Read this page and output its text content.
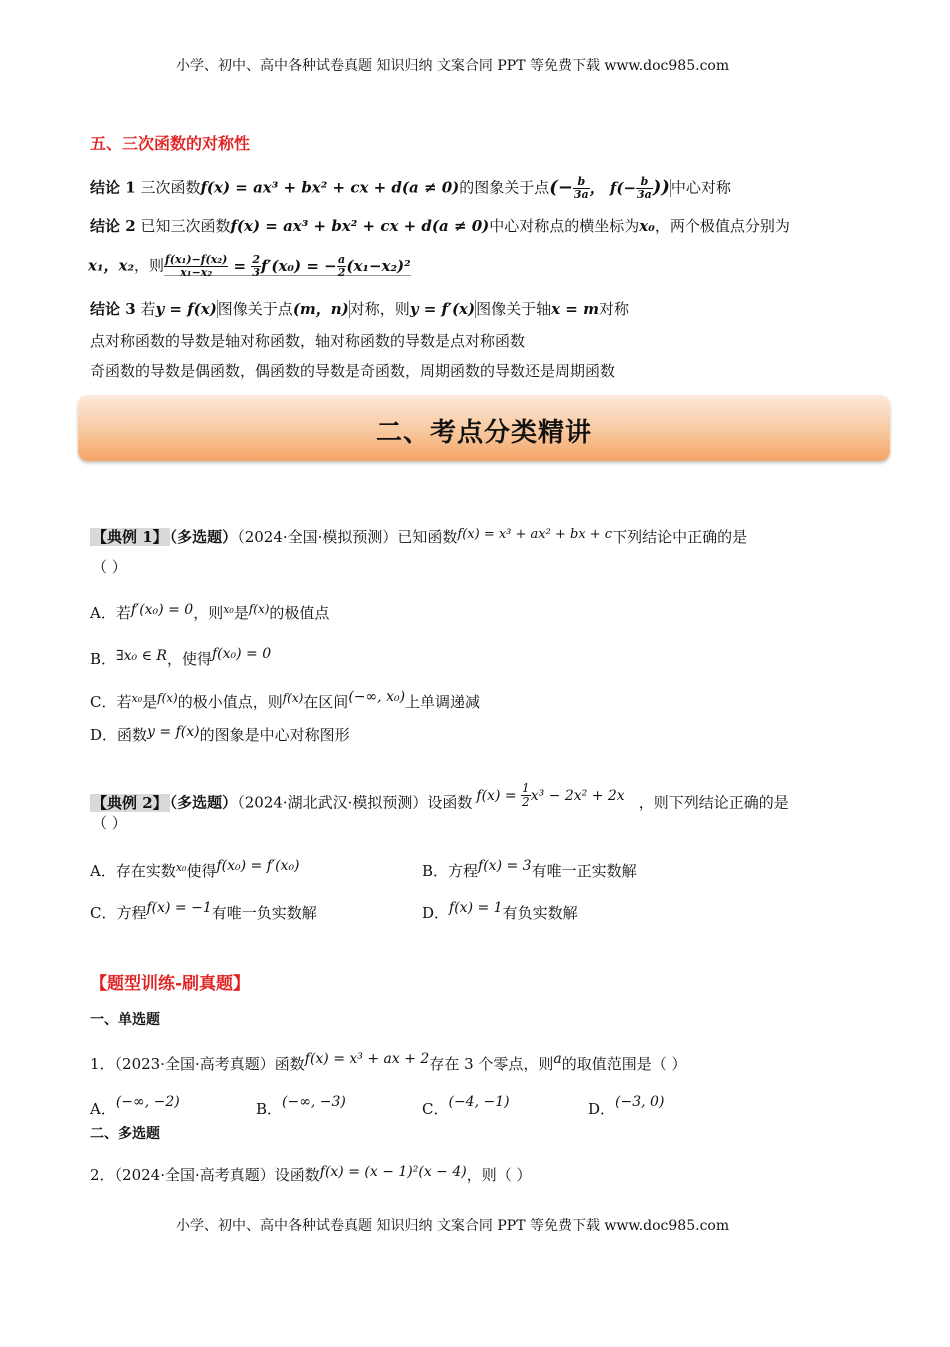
小学、初中、高中各种试卷真题 知识归纳 文案合同 PPT 等免费下载 www.doc985.com
五、三次函数的对称性
结论 1 三次函数f(x) = ax³ + bx² + cx + d(a ≠ 0)的图象关于点(− $\frac{b}{3a}$ ， $f(- \frac{b}{3a}$ ))中心对称
结论 2 已知三次函数f(x) = ax³ + bx² + cx + d(a ≠ 0)中心对称点的横坐标为x₀，两个极值点分别为
x₁，x₂，则 $\frac{\text{f(x₁)−f(x₂)}}{\text{x₁−x₂}} = \frac{2}{3} f'(x_0)$ = − $\frac{a}{2} (x_1-x_2)^2$
结论 3 若y = f(x)图像关于点(m，n)对称，则y = f′(x)图像关于轴x = m对称
点对称函数的导数是轴对称函数，轴对称函数的导数是点对称函数
奇函数的导数是偶函数，偶函数的导数是奇函数，周期函数的导数还是周期函数
二、考点分类精讲
【典例 1】 （多选题）（2024·全国·模拟预测）已知函数f(x) = x³ + ax² + bx + c下列结论中正确的是
（ ）
A．若f′(x₀) = 0，则$^{x_0}$是$^{f(x)}$的极值点
B．∃x₀ ∈ R，使得f(x₀) = 0
C．若$^{x_0}$是$^{f(x)}$的极小值点，则$^{f(x)}$在区间(−∞, x₀)上单调递减
D．函数y = f(x)的图象是中心对称图形
【典例 2】 （多选题）（2024·湖北武汉·模拟预测）设函数 $f(x) = \frac{1}{2} x^3 - 2x^2 + 2x$ ，则下列结论正确的是
（ ）
A．存在实数$^{x_0}$使得f(x₀) = f′(x₀)	B．方程f(x) = 3有唯一正实数解
C．方程f(x) = −1有唯一负实数解	D．f(x) = 1有负实数解
【题型训练-刷真题】
一、单选题
1．（2023·全国·高考真题）函数f(x) = x³ + ax + 2存在 3 个零点，则a的取值范围是（ ）
A．(−∞, −2)	B．(−∞, −3)	C．(−4, −1)	D．(−3, 0)
二、多选题
2．（2024·全国·高考真题）设函数f(x) = (x − 1)²(x − 4)，则（ ）
小学、初中、高中各种试卷真题 知识归纳 文案合同 PPT 等免费下载 www.doc985.com
